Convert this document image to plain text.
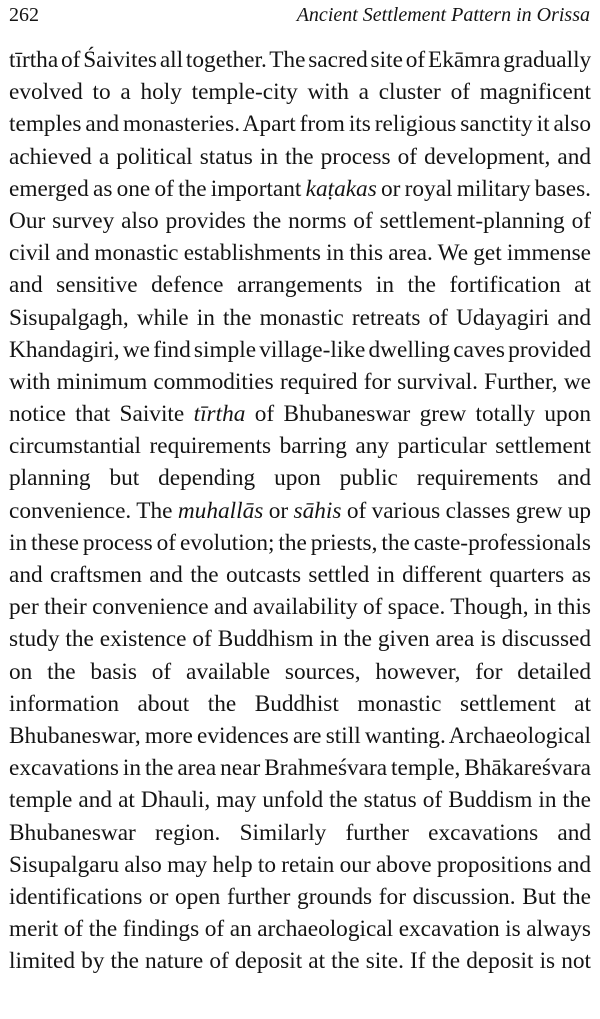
262	Ancient Settlement Pattern in Orissa
tīrtha of Śaivites all together. The sacred site of Ekāmra gradually
evolved to a holy temple-city with a cluster of magnificent
temples and monasteries. Apart from its religious sanctity it also
achieved a political status in the process of development, and
emerged as one of the important kaṭakas or royal military bases.
Our survey also provides the norms of settlement-planning of
civil and monastic establishments in this area. We get immense
and sensitive defence arrangements in the fortification at
Sisupalgagh, while in the monastic retreats of Udayagiri and
Khandagiri, we find simple village-like dwelling caves provided
with minimum commodities required for survival. Further, we
notice that Saivite tīrtha of Bhubaneswar grew totally upon
circumstantial requirements barring any particular settlement
planning but depending upon public requirements and
convenience. The muhallās or sāhis of various classes grew up
in these process of evolution; the priests, the caste-professionals
and craftsmen and the outcasts settled in different quarters as
per their convenience and availability of space. Though, in this
study the existence of Buddhism in the given area is discussed
on the basis of available sources, however, for detailed
information about the Buddhist monastic settlement at
Bhubaneswar, more evidences are still wanting. Archaeological
excavations in the area near Brahmeśvara temple, Bhākareśvara
temple and at Dhauli, may unfold the status of Buddism in the
Bhubaneswar region. Similarly further excavations and
Sisupalgaru also may help to retain our above propositions and
identifications or open further grounds for discussion. But the
merit of the findings of an archaeological excavation is always
limited by the nature of deposit at the site. If the deposit is not
